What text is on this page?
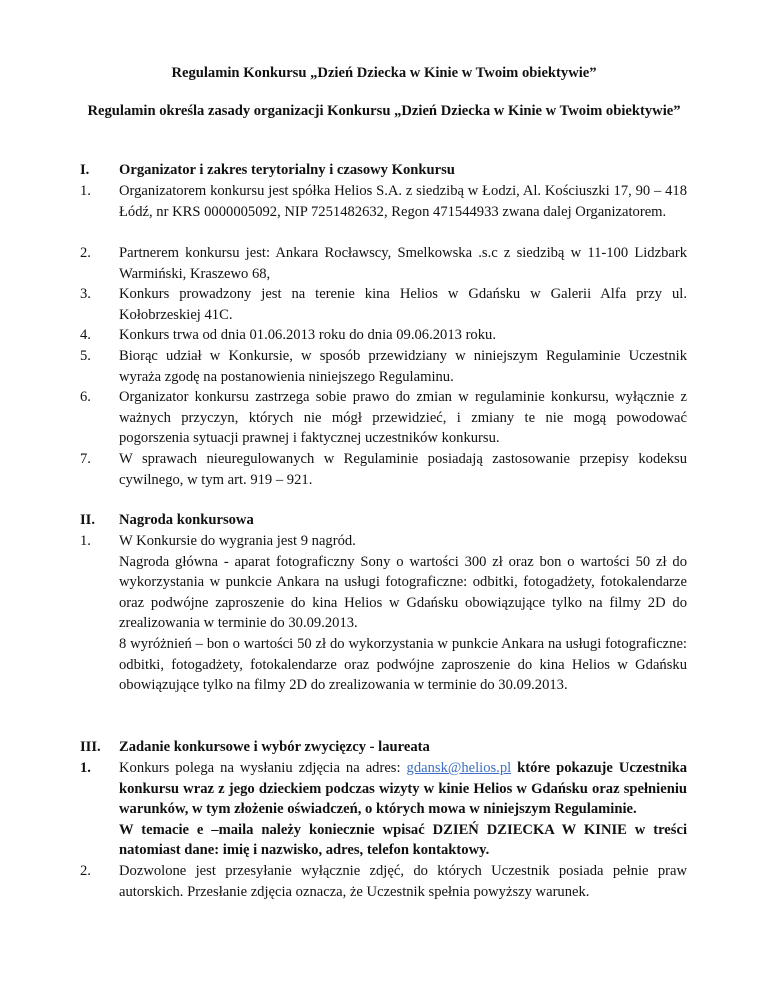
Regulamin Konkursu „Dzień Dziecka w Kinie w Twoim obiektywie”
Regulamin określa zasady organizacji Konkursu „Dzień Dziecka w Kinie w Twoim obiektywie”
I. Organizator i zakres terytorialny i czasowy Konkursu
1. Organizatorem konkursu jest spółka Helios S.A. z siedzibą w Łodzi, Al. Kościuszki 17, 90 – 418 Łódź, nr KRS 0000005092, NIP 7251482632, Regon 471544933 zwana dalej Organizatorem.
2. Partnerem konkursu jest: Ankara Rocławscy, Smelkowska .s.c z siedzibą w 11-100 Lidzbark Warmiński, Kraszewo 68,
3. Konkurs prowadzony jest na terenie kina Helios w Gdańsku w Galerii Alfa przy ul. Kołobrzeskiej 41C.
4. Konkurs trwa od dnia 01.06.2013 roku do dnia 09.06.2013 roku.
5. Biorąc udział w Konkursie, w sposób przewidziany w niniejszym Regulaminie Uczestnik wyraża zgodę na postanowienia niniejszego Regulaminu.
6. Organizator konkursu zastrzega sobie prawo do zmian w regulaminie konkursu, wyłącznie z ważnych przyczyn, których nie mógł przewidzieć, i zmiany te nie mogą powodować pogorszenia sytuacji prawnej i faktycznej uczestników konkursu.
7. W sprawach nieuregulowanych w Regulaminie posiadają zastosowanie przepisy kodeksu cywilnego, w tym art. 919 – 921.
II. Nagroda konkursowa
1. W Konkursie do wygrania jest 9 nagród.

Nagroda główna - aparat fotograficzny Sony o wartości 300 zł oraz bon o wartości 50 zł do wykorzystania w punkcie Ankara na usługi fotograficzne: odbitki, fotogadżety, fotokalendarze oraz podwójne zaproszenie do kina Helios w Gdańsku obowiązujące tylko na filmy 2D do zrealizowania w terminie do 30.09.2013.

8 wyróżnień – bon o wartości 50 zł do wykorzystania w punkcie Ankara na usługi fotograficzne: odbitki, fotogadżety, fotokalendarze oraz podwójne zaproszenie do kina Helios w Gdańsku obowiązujące tylko na filmy 2D do zrealizowania w terminie do 30.09.2013.

III. Zadanie konkursowe i wybór zwycięzcy - laureata
1. Konkurs polega na wysłaniu zdjęcia na adres: gdansk@helios.pl które pokazuje Uczestnika konkursu wraz z jego dzieckiem podczas wizyty w kinie Helios w Gdańsku oraz spełnieniu warunków, w tym złożenie oświadczeń, o których mowa w niniejszym Regulaminie.

W temacie e –maila należy koniecznie wpisać DZIEŃ DZIECKA W KINIE w treści natomiast dane: imię i nazwisko, adres, telefon kontaktowy.

2. Dozwolone jest przesyłanie wyłącznie zdjęć, do których Uczestnik posiada pełnie praw autorskich. Przesłanie zdjęcia oznacza, że Uczestnik spełnia powyższy warunek.
